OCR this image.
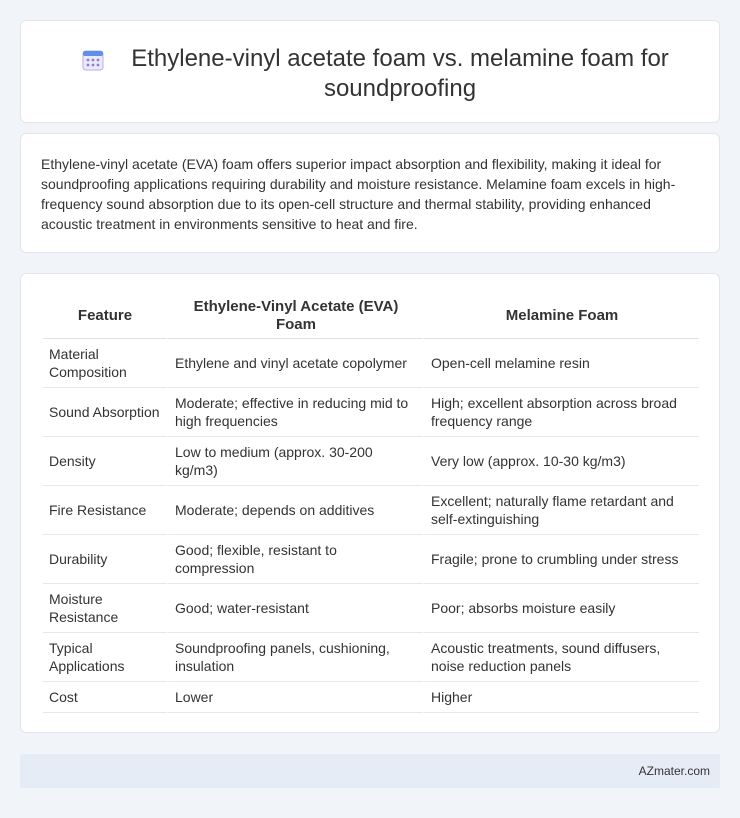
Ethylene-vinyl acetate foam vs. melamine foam for soundproofing

Ethylene-vinyl acetate (EVA) foam offers superior impact absorption and flexibility, making it ideal for soundproofing applications requiring durability and moisture resistance. Melamine foam excels in high-frequency sound absorption due to its open-cell structure and thermal stability, providing enhanced acoustic treatment in environments sensitive to heat and fire.

Feature	Ethylene-Vinyl Acetate (EVA) Foam	Melamine Foam
Material Composition	Ethylene and vinyl acetate copolymer	Open-cell melamine resin
Sound Absorption	Moderate; effective in reducing mid to high frequencies	High; excellent absorption across broad frequency range
Density	Low to medium (approx. 30-200 kg/m3)	Very low (approx. 10-30 kg/m3)
Fire Resistance	Moderate; depends on additives	Excellent; naturally flame retardant and self-extinguishing
Durability	Good; flexible, resistant to compression	Fragile; prone to crumbling under stress
Moisture Resistance	Good; water-resistant	Poor; absorbs moisture easily
Typical Applications	Soundproofing panels, cushioning, insulation	Acoustic treatments, sound diffusers, noise reduction panels
Cost	Lower	Higher
AZmater.com
